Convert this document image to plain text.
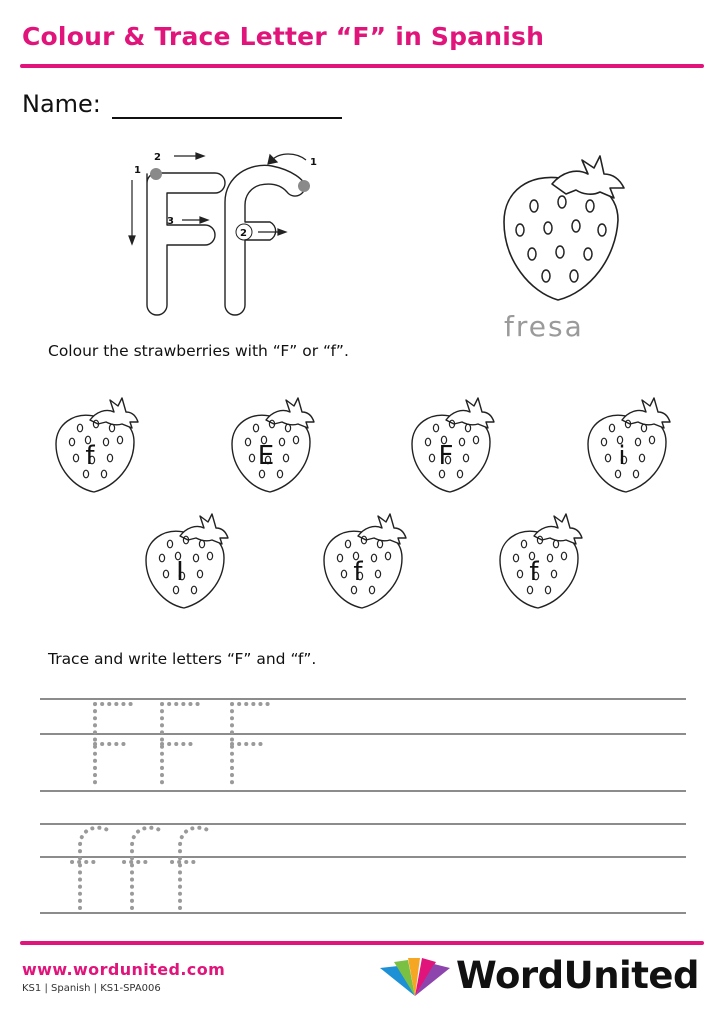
Colour & Trace Letter “F” in Spanish
Name:
1
2
3
1
2
fresa
Colour the strawberries with “F” or “f”.
f	E	F	i
I	f	f
Trace and write letters “F” and “f”.
www.wordunited.com
KS1 | Spanish | KS1-SPA006	WordUnited
